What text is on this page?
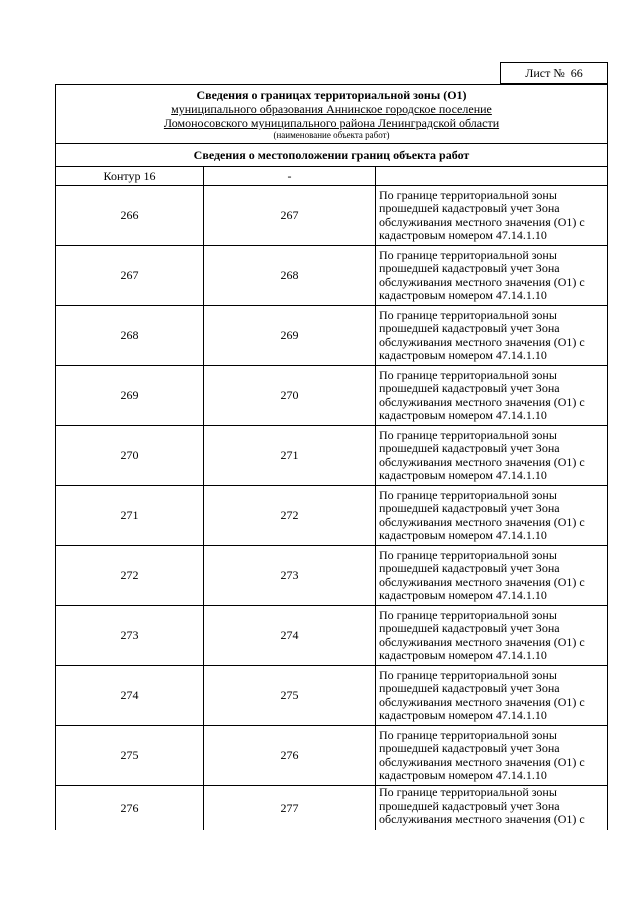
Лист № 66
Сведения о границах территориальной зоны (О1)
муниципального образования Аннинское городское поселение
Ломоносовского муниципального района Ленинградской области
(наименование объекта работ)
Сведения о местоположении границ объекта работ
Контур 16	-	
266	267	По границе территориальной зоны прошедшей кадастровый учет Зона обслуживания местного значения (О1) с кадастровым номером 47.14.1.10
267	268	По границе территориальной зоны прошедшей кадастровый учет Зона обслуживания местного значения (О1) с кадастровым номером 47.14.1.10
268	269	По границе территориальной зоны прошедшей кадастровый учет Зона обслуживания местного значения (О1) с кадастровым номером 47.14.1.10
269	270	По границе территориальной зоны прошедшей кадастровый учет Зона обслуживания местного значения (О1) с кадастровым номером 47.14.1.10
270	271	По границе территориальной зоны прошедшей кадастровый учет Зона обслуживания местного значения (О1) с кадастровым номером 47.14.1.10
271	272	По границе территориальной зоны прошедшей кадастровый учет Зона обслуживания местного значения (О1) с кадастровым номером 47.14.1.10
272	273	По границе территориальной зоны прошедшей кадастровый учет Зона обслуживания местного значения (О1) с кадастровым номером 47.14.1.10
273	274	По границе территориальной зоны прошедшей кадастровый учет Зона обслуживания местного значения (О1) с кадастровым номером 47.14.1.10
274	275	По границе территориальной зоны прошедшей кадастровый учет Зона обслуживания местного значения (О1) с кадастровым номером 47.14.1.10
275	276	По границе территориальной зоны прошедшей кадастровый учет Зона обслуживания местного значения (О1) с кадастровым номером 47.14.1.10
276	277	По границе территориальной зоны прошедшей кадастровый учет Зона обслуживания местного значения (О1) с
